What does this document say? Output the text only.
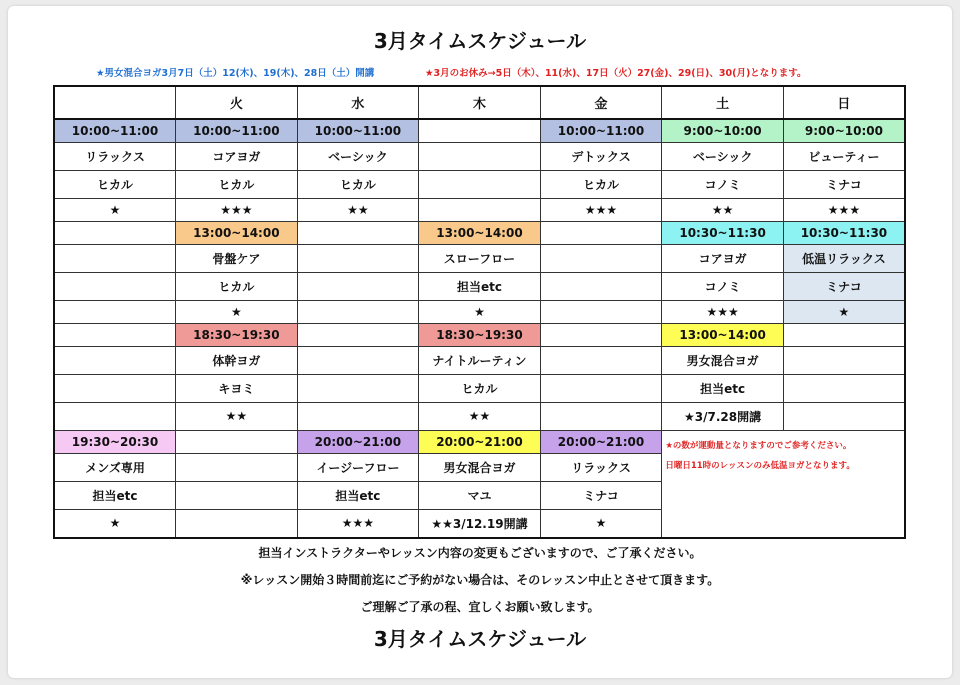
3月タイムスケジュール
★男女混合ヨガ3月7日（土）12(木)、19(木)、28日（土）開講	★3月のお休み→5日（木）、11(水)、17日（火）27(金)、29(日)、30(月)となります。
	火	水	木	金	土	日
10:00~11:00	10:00~11:00	10:00~11:00		10:00~11:00	9:00~10:00	9:00~10:00
リラックス	コアヨガ	ベーシック		デトックス	ベーシック	ビューティー
ヒカル	ヒカル	ヒカル		ヒカル	コノミ	ミナコ
★	★★★	★★		★★★	★★	★★★
	13:00~14:00		13:00~14:00		10:30~11:30	10:30~11:30
	骨盤ケア		スローフロー		コアヨガ	低温リラックス
	ヒカル		担当etc		コノミ	ミナコ
	★		★		★★★	★
	18:30~19:30		18:30~19:30		13:00~14:00	
	体幹ヨガ		ナイトルーティン		男女混合ヨガ	
	キヨミ		ヒカル		担当etc	
	★★		★★		★3/7.28開講	
19:30~20:30		20:00~21:00	20:00~21:00	20:00~21:00	★の数が運動量となりますのでご参考ください。
日曜日11時のレッスンのみ低温ヨガとなります。	

メンズ専用		イージーフロー	男女混合ヨガ	リラックス		
担当etc		担当etc	マユ	ミナコ		
★		★★★	★★3/12.19開講	★		
担当インストラクターやレッスン内容の変更もございますので、ご了承ください。
※レッスン開始３時間前迄にご予約がない場合は、そのレッスン中止とさせて頂きます。
ご理解ご了承の程、宜しくお願い致します。
3月タイムスケジュール
